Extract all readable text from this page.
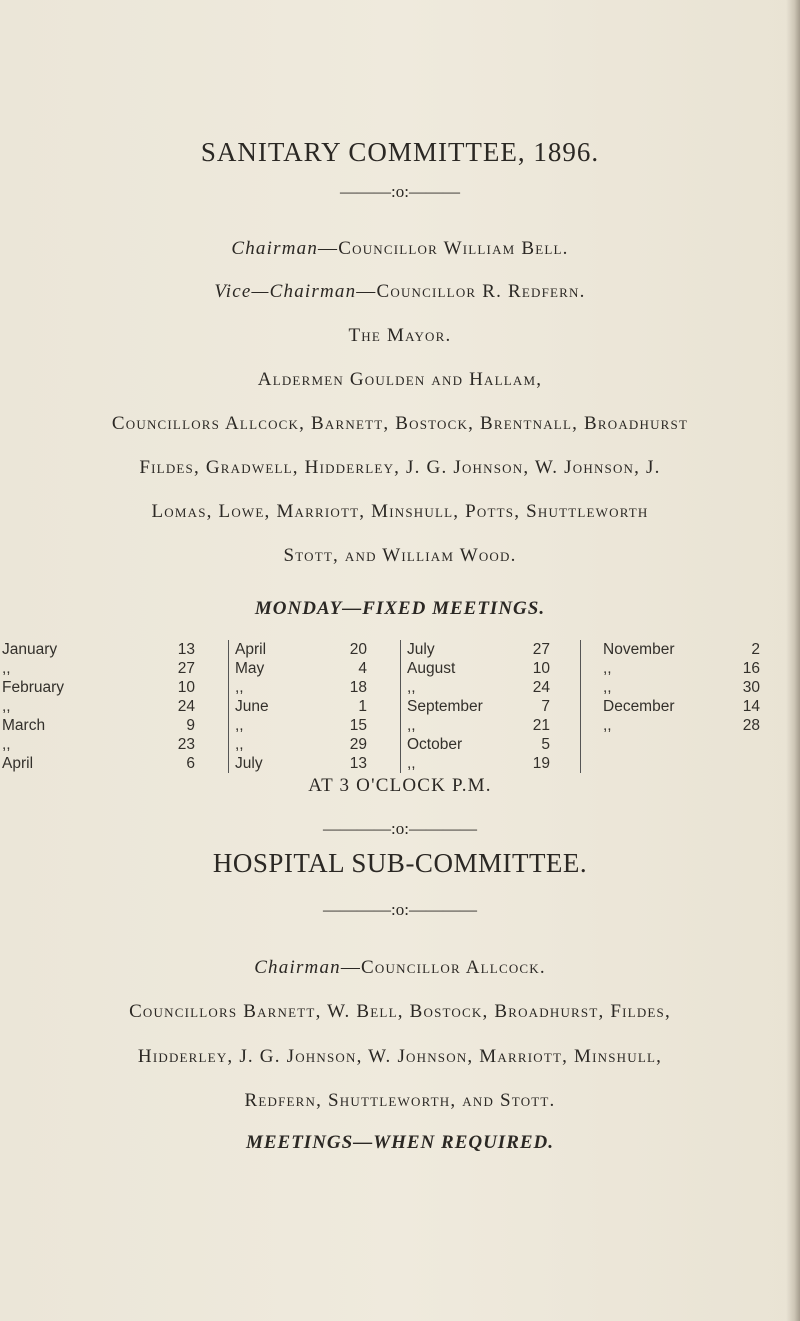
SANITARY COMMITTEE, 1896.
———:o:———
Chairman—Councillor William Bell.
Vice—Chairman—Councillor R. Redfern.
The Mayor.
Aldermen Goulden and Hallam,
Councillors Allcock, Barnett, Bostock, Brentnall, Broadhurst
Fildes, Gradwell, Hidderley, J. G. Johnson, W. Johnson, J.
Lomas, Lowe, Marriott, Minshull, Potts, Shuttleworth
Stott, and William Wood.
MONDAY—FIXED MEETINGS.
January	13	April	20	July	27	November	2
,,	27	May	4	August	10	,,	16
February	10	,,	18	,,	24	,,	30
,,	24	June	1	September	7	December	14
March	9	,,	15	,,	21	,,	28
,,	23	,,	29	October	5		
April	6	July	13	,,	19		
AT 3 O'CLOCK P.M.
————:o:————
HOSPITAL SUB-COMMITTEE.
————:o:————
Chairman—Councillor Allcock.
Councillors Barnett, W. Bell, Bostock, Broadhurst, Fildes,
Hidderley, J. G. Johnson, W. Johnson, Marriott, Minshull,
Redfern, Shuttleworth, and Stott.
MEETINGS—WHEN REQUIRED.
